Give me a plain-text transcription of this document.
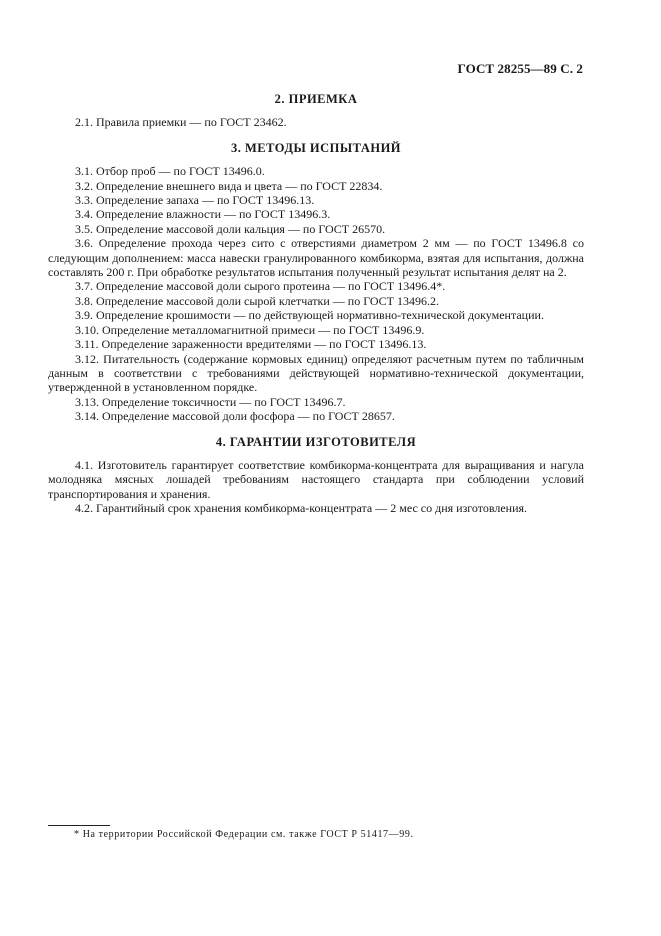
ГОСТ 28255—89 С. 2

2. ПРИЕМКА

2.1. Правила приемки — по ГОСТ 23462.

3. МЕТОДЫ ИСПЫТАНИЙ

3.1. Отбор проб — по ГОСТ 13496.0.

3.2. Определение внешнего вида и цвета — по ГОСТ 22834.

3.3. Определение запаха — по ГОСТ 13496.13.

3.4. Определение влажности — по ГОСТ 13496.3.

3.5. Определение массовой доли кальция — по ГОСТ 26570.

3.6. Определение прохода через сито с отверстиями диаметром 2 мм — по ГОСТ 13496.8 со следующим дополнением: масса навески гранулированного комбикорма, взятая для испытания, должна составлять 200 г. При обработке результатов испытания полученный результат испытания делят на 2.

3.7. Определение массовой доли сырого протеина — по ГОСТ 13496.4*.

3.8. Определение массовой доли сырой клетчатки — по ГОСТ 13496.2.

3.9. Определение крошимости — по действующей нормативно-технической документации.

3.10. Определение металломагнитной примеси — по ГОСТ 13496.9.

3.11. Определение зараженности вредителями — по ГОСТ 13496.13.

3.12. Питательность (содержание кормовых единиц) определяют расчетным путем по табличным данным в соответствии с требованиями действующей нормативно-технической документации, утвержденной в установленном порядке.

3.13. Определение токсичности — по ГОСТ 13496.7.

3.14. Определение массовой доли фосфора — по ГОСТ 28657.

4. ГАРАНТИИ ИЗГОТОВИТЕЛЯ

4.1. Изготовитель гарантирует соответствие комбикорма-концентрата для выращивания и нагула молодняка мясных лошадей требованиям настоящего стандарта при соблюдении условий транспортирования и хранения.

4.2. Гарантийный срок хранения комбикорма-концентрата — 2 мес со дня изготовления.

* На территории Российской Федерации см. также ГОСТ Р 51417—99.
